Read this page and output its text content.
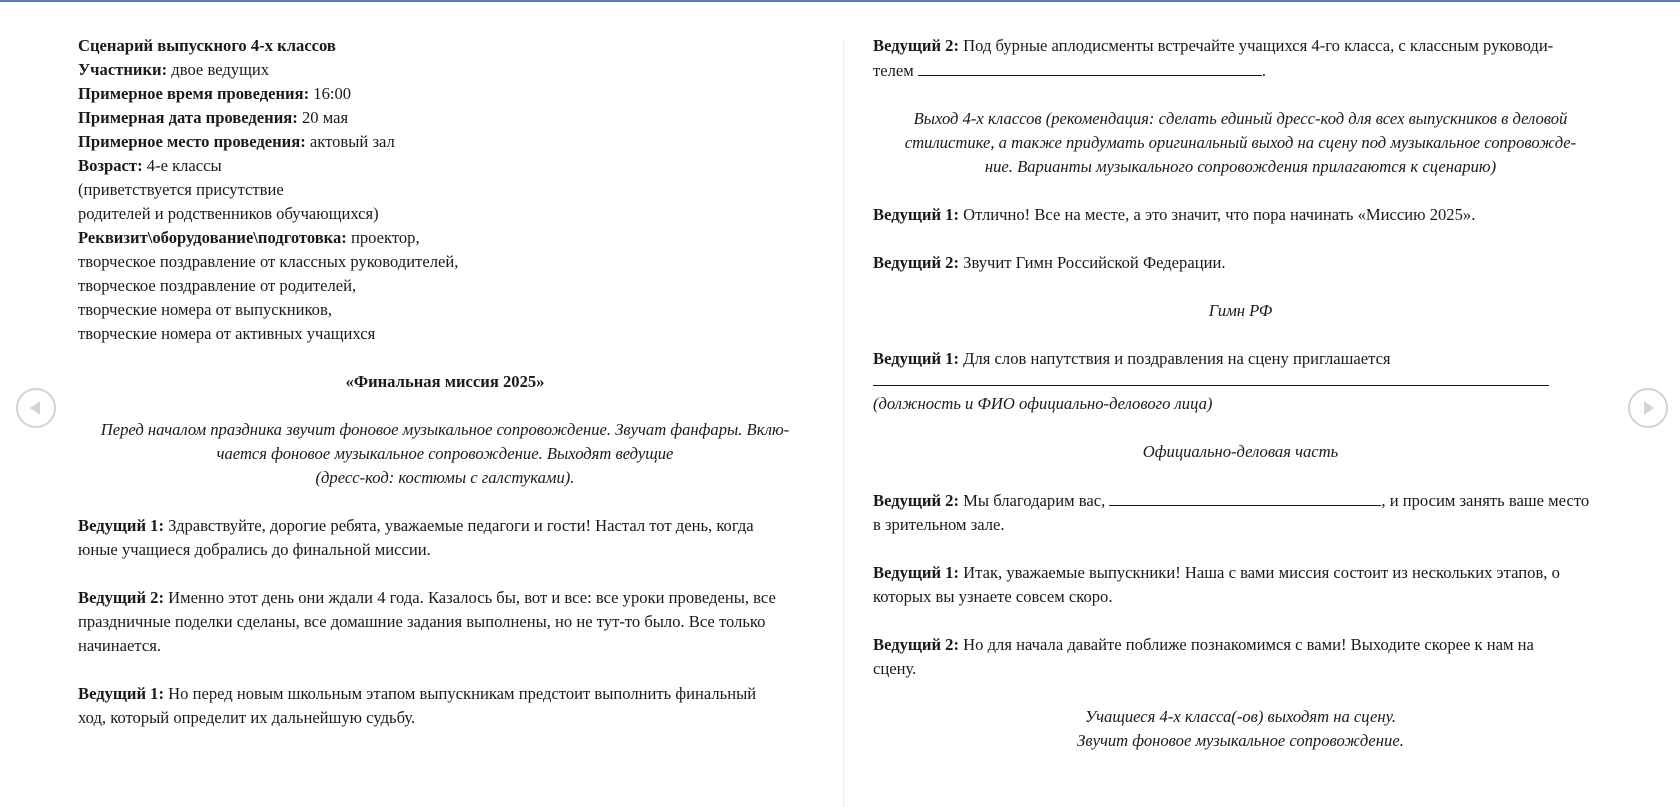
Сценарий выпускного 4-х классов
Участники: двое ведущих
Примерное время проведения: 16:00
Примерная дата проведения: 20 мая
Примерное место проведения: актовый зал
Возраст: 4-е классы
(приветствуется присутствие
родителей и родственников обучающихся)
Реквизит\оборудование\подготовка: проектор,
творческое поздравление от классных руководителей,
творческое поздравление от родителей,
творческие номера от выпускников,
творческие номера от активных учащихся
«Финальная миссия 2025»
Перед началом праздника звучит фоновое музыкальное сопровождение. Звучат фанфары. Вклю-
чается фоновое музыкальное сопровождение. Выходят ведущие
(дресс-код: костюмы с галстуками).
Ведущий 1: Здравствуйте, дорогие ребята, уважаемые педагоги и гости! Настал тот день, когда
юные учащиеся добрались до финальной миссии.
Ведущий 2: Именно этот день они ждали 4 года. Казалось бы, вот и все: все уроки проведены, все
праздничные поделки сделаны, все домашние задания выполнены, но не тут-то было. Все только
начинается.
Ведущий 1: Но перед новым школьным этапом выпускникам предстоит выполнить финальный
ход, который определит их дальнейшую судьбу.
Ведущий 2: Под бурные аплодисменты встречайте учащихся 4-го класса, с классным руководи-
телем	.
Выход 4-х классов (рекомендация: сделать единый дресс-код для всех выпускников в деловой
стилистике, а также придумать оригинальный выход на сцену под музыкальное сопровожде-
ние. Варианты музыкального сопровождения прилагаются к сценарию)
Ведущий 1: Отлично! Все на месте, а это значит, что пора начинать «Миссию 2025».
Ведущий 2: Звучит Гимн Российской Федерации.
Гимн РФ
Ведущий 1: Для слов напутствия и поздравления на сцену приглашается
(должность и ФИО официально-делового лица)
Официально-деловая часть
Ведущий 2: Мы благодарим вас,	, и просим занять ваше место
в зрительном зале.
Ведущий 1: Итак, уважаемые выпускники! Наша с вами миссия состоит из нескольких этапов, о
которых вы узнаете совсем скоро.
Ведущий 2: Но для начала давайте поближе познакомимся с вами! Выходите скорее к нам на
сцену.
Учащиеся 4-х класса(-ов) выходят на сцену.
Звучит фоновое музыкальное сопровождение.
